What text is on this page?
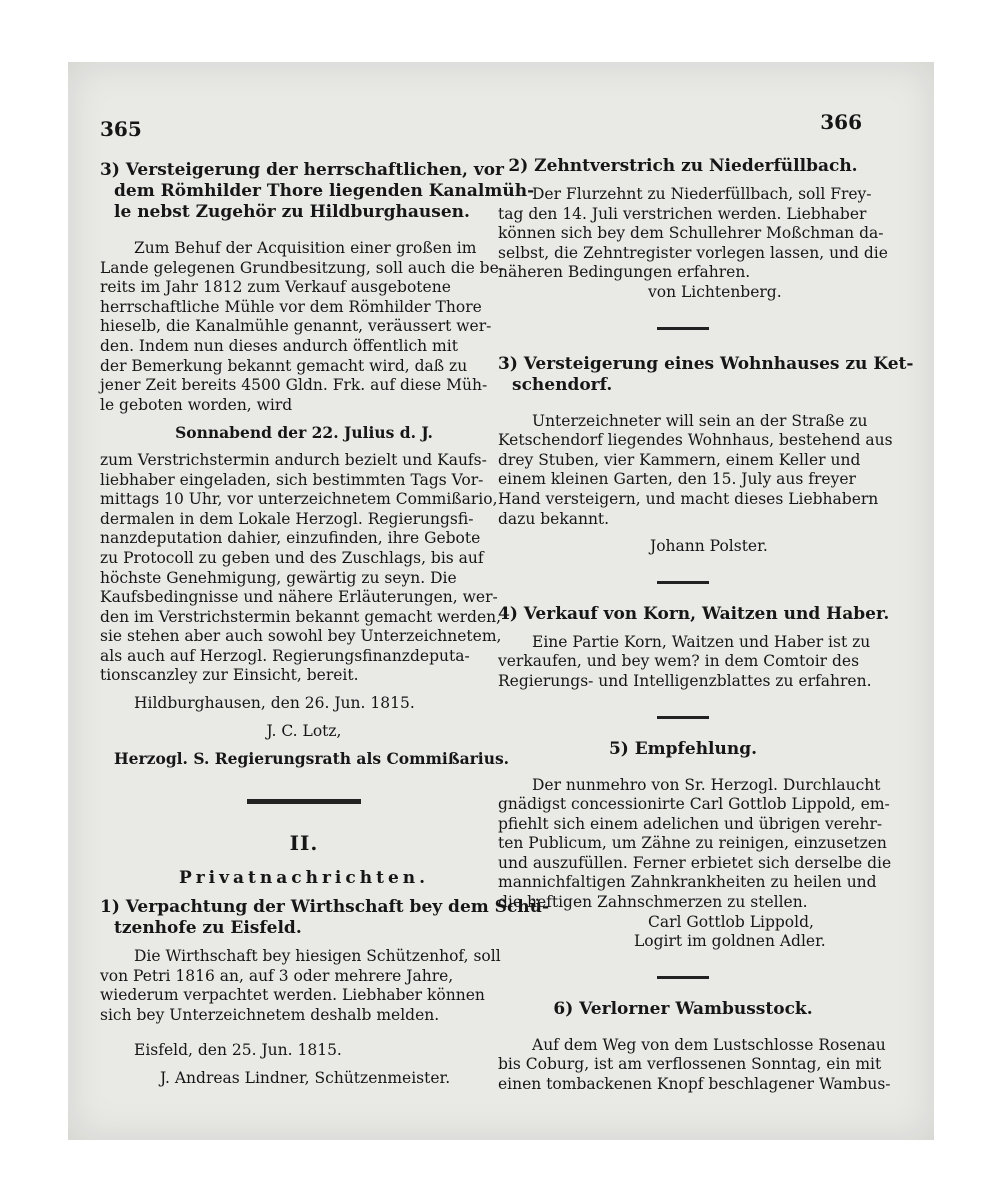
365	366
3) Versteigerung der herrschaftlichen, vor
dem Römhilder Thore liegenden Kanalmüh-
le nebst Zugehör zu Hildburghausen.
Zum Behuf der Acquisition einer großen im
Lande gelegenen Grundbesitzung, soll auch die be-
reits im Jahr 1812 zum Verkauf ausgebotene
herrschaftliche Mühle vor dem Römhilder Thore
hieselb, die Kanalmühle genannt, veräussert wer-
den. Indem nun dieses andurch öffentlich mit
der Bemerkung bekannt gemacht wird, daß zu
jener Zeit bereits 4500 Gldn. Frk. auf diese Müh-
le geboten worden, wird
Sonnabend der 22. Julius d. J.
zum Verstrichstermin andurch bezielt und Kaufs-
liebhaber eingeladen, sich bestimmten Tags Vor-
mittags 10 Uhr, vor unterzeichnetem Commißario,
dermalen in dem Lokale Herzogl. Regierungsfi-
nanzdeputation dahier, einzufinden, ihre Gebote
zu Protocoll zu geben und des Zuschlags, bis auf
höchste Genehmigung, gewärtig zu seyn. Die
Kaufsbedingnisse und nähere Erläuterungen, wer-
den im Verstrichstermin bekannt gemacht werden,
sie stehen aber auch sowohl bey Unterzeichnetem,
als auch auf Herzogl. Regierungsfinanzdeputa-
tionscanzley zur Einsicht, bereit.
Hildburghausen, den 26. Jun. 1815.
J. C. Lotz,
Herzogl. S. Regierungsrath als Commißarius.
II.
Privatnachrichten.
1) Verpachtung der Wirthschaft bey dem Schü-
tzenhofe zu Eisfeld.
Die Wirthschaft bey hiesigen Schützenhof, soll
von Petri 1816 an, auf 3 oder mehrere Jahre,
wiederum verpachtet werden. Liebhaber können
sich bey Unterzeichnetem deshalb melden.
Eisfeld, den 25. Jun. 1815.
J. Andreas Lindner, Schützenmeister.
2) Zehntverstrich zu Niederfüllbach.
Der Flurzehnt zu Niederfüllbach, soll Frey-
tag den 14. Juli verstrichen werden. Liebhaber
können sich bey dem Schullehrer Moßchman da-
selbst, die Zehntregister vorlegen lassen, und die
näheren Bedingungen erfahren.
von Lichtenberg.
3) Versteigerung eines Wohnhauses zu Ket-
schendorf.
Unterzeichneter will sein an der Straße zu
Ketschendorf liegendes Wohnhaus, bestehend aus
drey Stuben, vier Kammern, einem Keller und
einem kleinen Garten, den 15. July aus freyer
Hand versteigern, und macht dieses Liebhabern
dazu bekannt.
Johann Polster.
4) Verkauf von Korn, Waitzen und Haber.
Eine Partie Korn, Waitzen und Haber ist zu
verkaufen, und bey wem? in dem Comtoir des
Regierungs- und Intelligenzblattes zu erfahren.
5) Empfehlung.
Der nunmehro von Sr. Herzogl. Durchlaucht
gnädigst concessionirte Carl Gottlob Lippold, em-
pfiehlt sich einem adelichen und übrigen verehr-
ten Publicum, um Zähne zu reinigen, einzusetzen
und auszufüllen. Ferner erbietet sich derselbe die
mannichfaltigen Zahnkrankheiten zu heilen und
die heftigen Zahnschmerzen zu stellen.
Carl Gottlob Lippold,
Logirt im goldnen Adler.
6) Verlorner Wambusstock.
Auf dem Weg von dem Lustschlosse Rosenau
bis Coburg, ist am verflossenen Sonntag, ein mit
einen tombackenen Knopf beschlagener Wambus-
